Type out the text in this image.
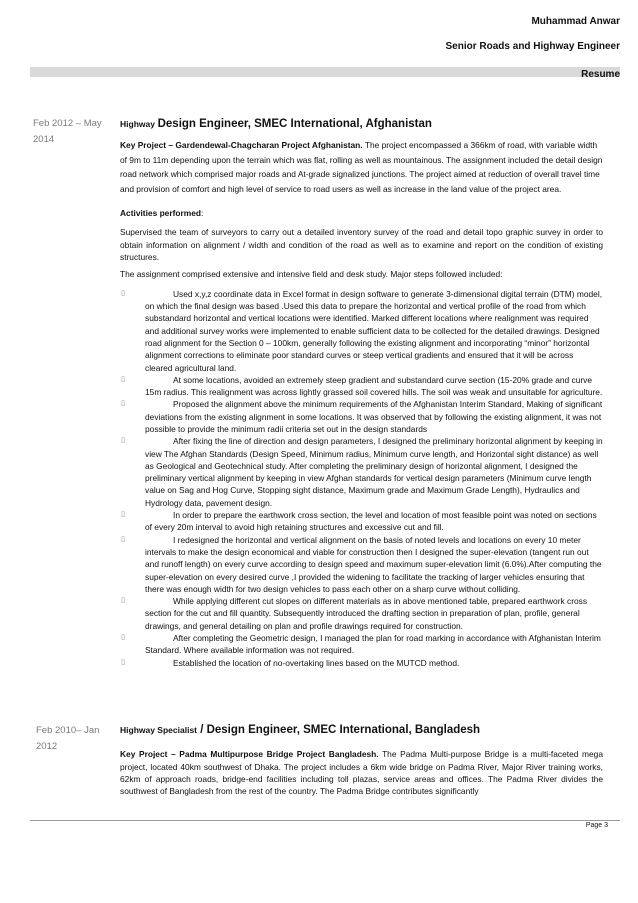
Muhammad Anwar
Senior Roads and Highway Engineer
Resume
Feb 2012 – May 2014

Highway Design Engineer, SMEC International, Afghanistan

Key Project – Gardendewal-Chagcharan Project Afghanistan. The project encompassed a 366km of road, with variable width of 9m to 11m depending upon the terrain which was flat, rolling as well as mountainous. The assignment included the detail design road network which comprised major roads and At-grade signalized junctions. The project aimed at reduction of overall travel time and provision of comfort and high level of service to road users as well as increase in the land value of the project area.

Activities performed:

Supervised the team of surveyors to carry out a detailed inventory survey of the road and detail topo graphic survey in order to obtain information on alignment / width and condition of the road as well as to examine and report on the condition of existing structures.

The assignment comprised extensive and intensive field and desk study. Major steps followed included:

▯	Used x,y,z coordinate data in Excel format in design software to generate 3-dimensional digital terrain (DTM) model, on which the final design was based .Used this data to prepare the horizontal and vertical profile of the road from which substandard horizontal and vertical locations were identified. Marked different locations where realignment was required and additional survey works were implemented to enable sufficient data to be collected for the detailed drawings. Designed road alignment for the Section 0 – 100km, generally following the existing alignment and incorporating “minor” horizontal alignment corrections to eliminate poor standard curves or steep vertical gradients and ensured that it will be across cleared agricultural land.
▯	At some locations, avoided an extremely steep gradient and substandard curve section (15-20% grade and curve 15m radius. This realignment was across lightly grassed soil covered hills. The soil was weak and unsuitable for agriculture.
▯	Proposed the alignment above the minimum requirements of the Afghanistan Interim Standard, Making of significant deviations from the existing alignment in some locations. It was observed that by following the existing alignment, it was not possible to provide the minimum radii criteria set out in the design standards
▯	After fixing the line of direction and design parameters, I designed the preliminary horizontal alignment by keeping in view The Afghan Standards (Design Speed, Minimum radius, Minimum curve length, and Horizontal sight distance) as well as Geological and Geotechnical study. After completing the preliminary design of horizontal alignment, I designed the preliminary vertical alignment by keeping in view Afghan standards for vertical design parameters (Minimum curve length value on Sag and Hog Curve, Stopping sight distance, Maximum grade and Maximum Grade Length), Hydraulics and Hydrology data, pavement design.
▯	In order to prepare the earthwork cross section, the level and location of most feasible point was noted on sections of every 20m interval to avoid high retaining structures and excessive cut and fill.
▯	I redesigned the horizontal and vertical alignment on the basis of noted levels and locations on every 10 meter intervals to make the design economical and viable for construction then I designed the super-elevation (tangent run out and runoff length) on every curve according to design speed and maximum super-elevation limit (6.0%).After computing the super-elevation on every desired curve ,I provided the widening to facilitate the tracking of larger vehicles ensuring that there was enough width for two design vehicles to pass each other on a sharp curve without colliding.
▯	While applying different cut slopes on different materials as in above mentioned table, prepared earthwork cross section for the cut and fill quantity. Subsequently introduced the drafting section in preparation of plan, profile, general drawings, and general detailing on plan and profile drawings required for construction.
▯	After completing the Geometric design, I managed the plan for road marking in accordance with Afghanistan Interim Standard. Where available information was not required.
▯	Established the location of no-overtaking lines based on the MUTCD method.
Feb 2010– Jan 2012

Highway Specialist / Design Engineer, SMEC International, Bangladesh

Key Project – Padma Multipurpose Bridge Project Bangladesh. The Padma Multi-purpose Bridge is a multi-faceted mega project, located 40km southwest of Dhaka. The project includes a 6km wide bridge on Padma River, Major River training works, 62km of approach roads, bridge-end facilities including toll plazas, service areas and offices. The Padma River divides the southwest of Bangladesh from the rest of the country. The Padma Bridge contributes significantly

Page 3
